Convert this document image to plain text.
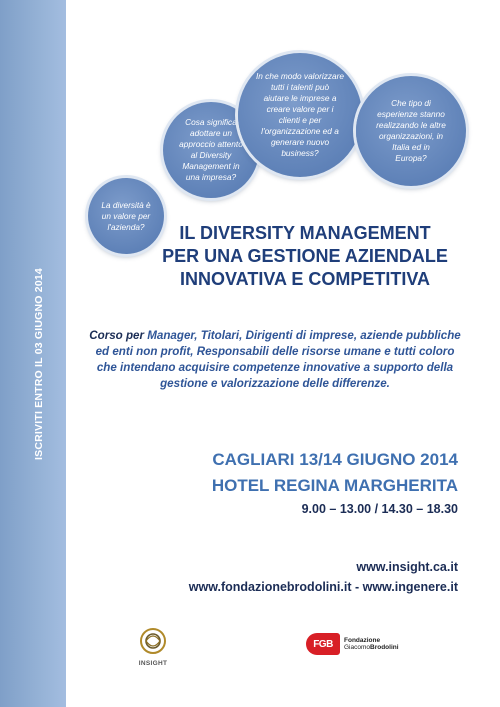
ISCRIVITI ENTRO IL 03 GIUGNO 2014
La diversità è
un valore per
l'azienda?
Cosa significa
adottare un
approccio attento
al Diversity
Management in
una impresa?
In che modo valorizzare
tutti i talenti può
aiutare le imprese a
creare valore per i
clienti e per
l'organizzazione ed a
generare nuovo
business?
Che tipo di
esperienze stanno
realizzando le altre
organizzazioni, in
Italia ed in
Europa?
IL DIVERSITY MANAGEMENT
PER UNA GESTIONE AZIENDALE
INNOVATIVA E COMPETITIVA
Corso per Manager, Titolari, Dirigenti di imprese, aziende pubbliche ed enti non profit, Responsabili delle risorse umane e tutti coloro che intendano acquisire competenze innovative a supporto della gestione e valorizzazione delle differenze.
CAGLIARI 13/14 GIUGNO 2014
HOTEL REGINA MARGHERITA
9.00 – 13.00 / 14.30 – 18.30
www.insight.ca.it
www.fondazionebrodolini.it - www.ingenere.it
INSIGHT
FGB	Fondazione
GiacomoBrodolini
